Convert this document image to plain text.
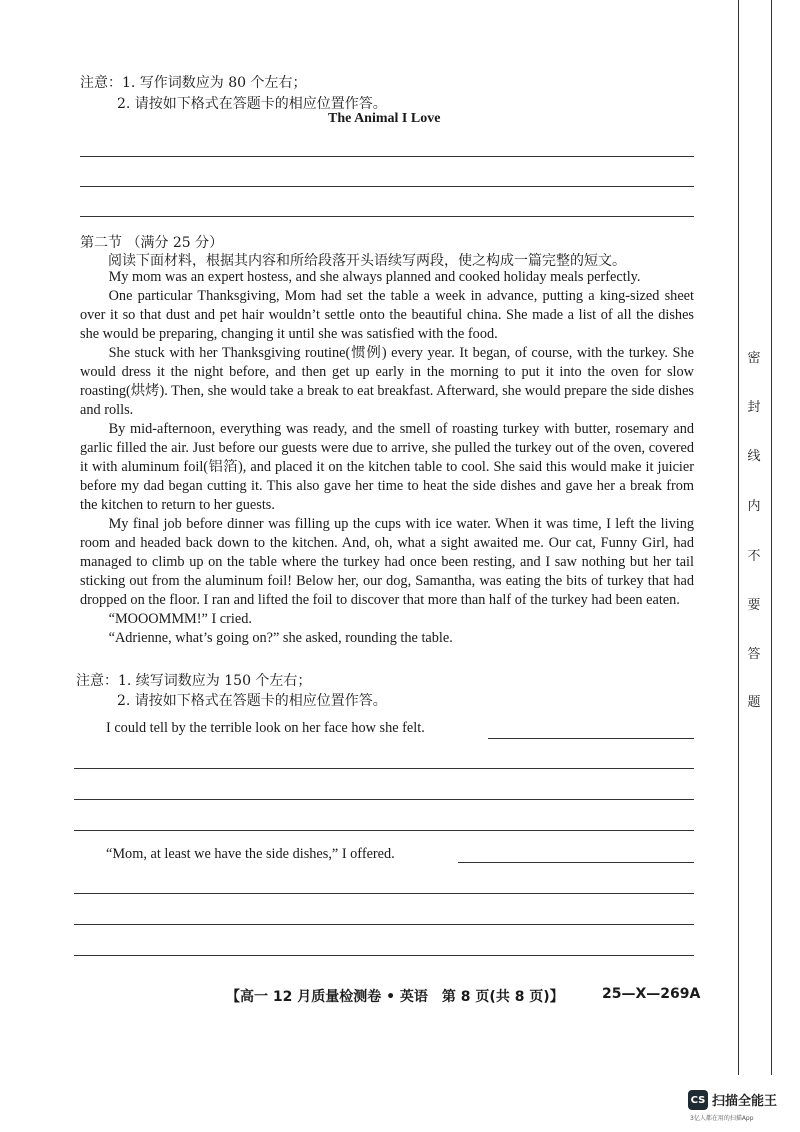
注意：1. 写作词数应为 80 个左右；
2. 请按如下格式在答题卡的相应位置作答。
The Animal I Love
第二节 （满分 25 分）
阅读下面材料，根据其内容和所给段落开头语续写两段，使之构成一篇完整的短文。

My mom was an expert hostess, and she always planned and cooked holiday meals perfectly.

One particular Thanksgiving, Mom had set the table a week in advance, putting a king-sized sheet over it so that dust and pet hair wouldn’t settle onto the beautiful china. She made a list of all the dishes she would be preparing, changing it until she was satisfied with the food.

She stuck with her Thanksgiving routine(惯例) every year. It began, of course, with the turkey. She would dress it the night before, and then get up early in the morning to put it into the oven for slow roasting(烘烤). Then, she would take a break to eat breakfast. Afterward, she would prepare the side dishes and rolls.

By mid-afternoon, everything was ready, and the smell of roasting turkey with butter, rosemary and garlic filled the air. Just before our guests were due to arrive, she pulled the turkey out of the oven, covered it with aluminum foil(铝箔), and placed it on the kitchen table to cool. She said this would make it juicier before my dad began cutting it. This also gave her time to heat the side dishes and gave her a break from the kitchen to return to her guests.

My final job before dinner was filling up the cups with ice water. When it was time, I left the living room and headed back down to the kitchen. And, oh, what a sight awaited me. Our cat, Funny Girl, had managed to climb up on the table where the turkey had once been resting, and I saw nothing but her tail sticking out from the aluminum foil! Below her, our dog, Samantha, was eating the bits of turkey that had dropped on the floor. I ran and lifted the foil to discover that more than half of the turkey had been eaten.

“MOOOMMM!” I cried.

“Adrienne, what’s going on?” she asked, rounding the table.

注意：1. 续写词数应为 150 个左右；
2. 请按如下格式在答题卡的相应位置作答。
I could tell by the terrible look on her face how she felt.
“Mom, at least we have the side dishes,” I offered.
【高一 12 月质量检测卷 • 英语　第 8 页(共 8 页)】	25—X—269A
密
封
线
内
不
要
答
题
CS 扫描全能王
3亿人都在用的扫描App
